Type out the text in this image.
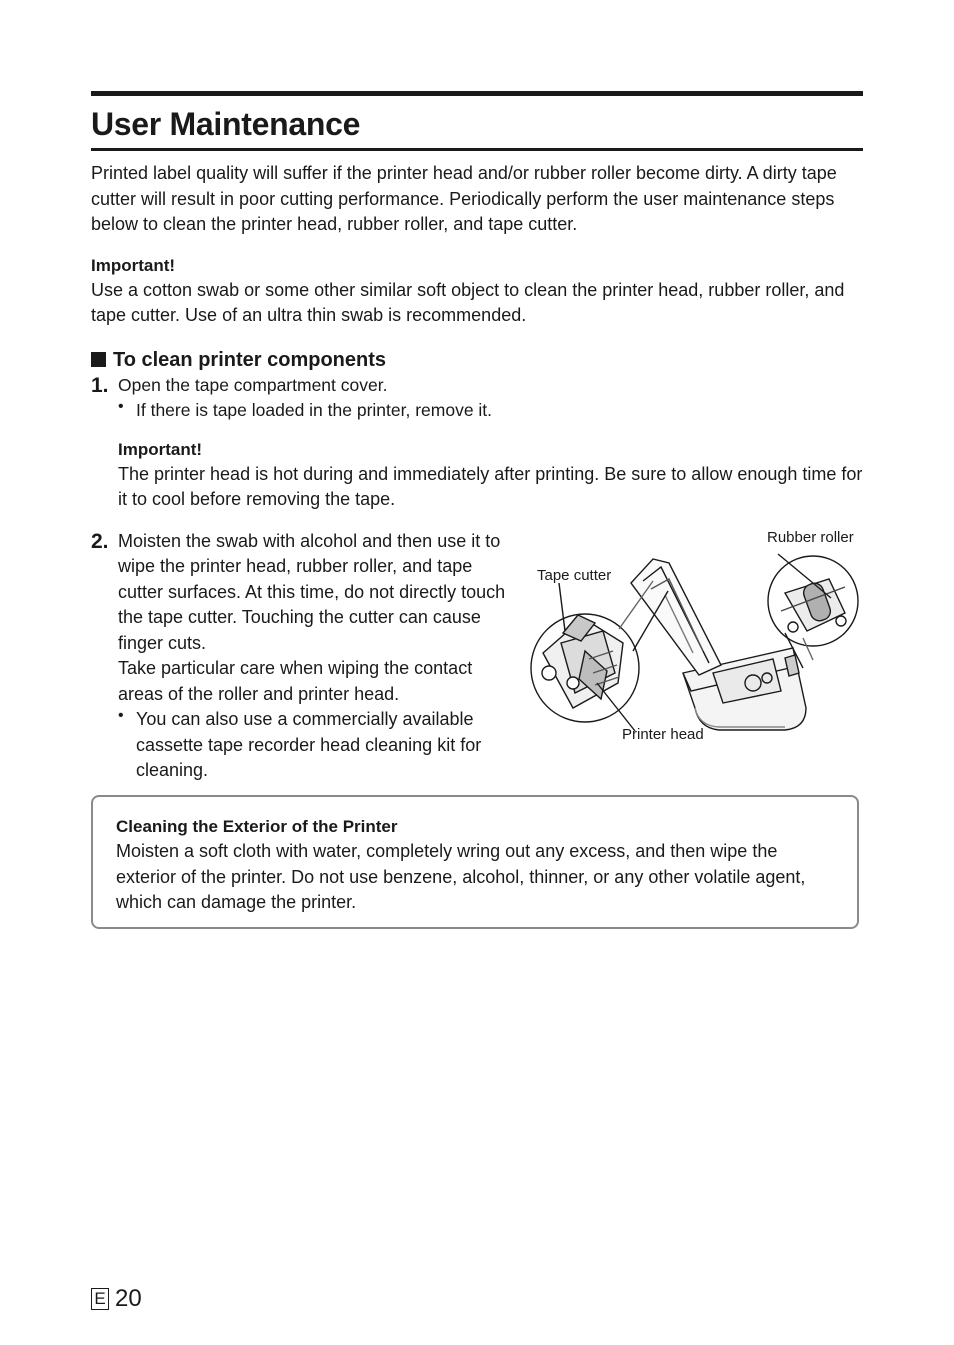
User Maintenance

Printed label quality will suffer if the printer head and/or rubber roller become dirty. A dirty tape cutter will result in poor cutting performance. Periodically perform the user maintenance steps below to clean the printer head, rubber roller, and tape cutter.

Important!

Use a cotton swab or some other similar soft object to clean the printer head, rubber roller, and tape cutter. Use of an ultra thin swab is recommended.

To clean printer components
1. Open the tape compartment cover.

• If there is tape loaded in the printer, remove it.

Important!

The printer head is hot during and immediately after printing. Be sure to allow enough time for it to cool before removing the tape.

2. Moisten the swab with alcohol and then use it to wipe the printer head, rubber roller, and tape cutter surfaces. At this time, do not directly touch the tape cutter. Touching the cutter can cause finger cuts.

Take particular care when wiping the contact areas of the roller and printer head.

• You can also use a commercially available cassette tape recorder head cleaning kit for cleaning.

Rubber roller
Tape cutter
Printer head
Cleaning the Exterior of the Printer

Moisten a soft cloth with water, completely wring out any excess, and then wipe the exterior of the printer. Do not use benzene, alcohol, thinner, or any other volatile agent, which can damage the printer.

E 20
